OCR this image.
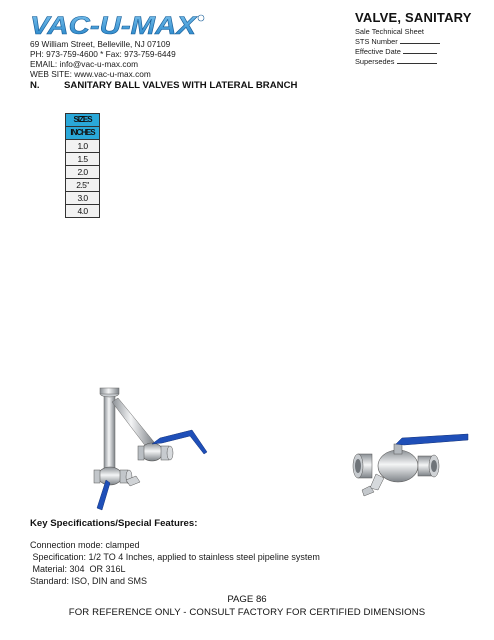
VAC-U-MAX
69 William Street, Belleville, NJ 07109
PH: 973-759-4600 * Fax: 973-759-6449
EMAIL: info@vac-u-max.com
WEB SITE: www.vac-u-max.com
VALVE, SANITARY
Sale Technical Sheet
STS Number
Effective Date
Supersedes
N.	SANITARY BALL VALVES WITH LATERAL BRANCH
SIZES
INCHES
1.0
1.5
2.0
2.5"
3.0
4.0
Key Specifications/Special Features:
Connection mode: clamped
Specification: 1/2 TO 4 Inches, applied to stainless steel pipeline system
Material: 304  OR 316L
Standard: ISO, DIN and SMS
PAGE 86
FOR REFERENCE ONLY - CONSULT FACTORY FOR CERTIFIED DIMENSIONS
